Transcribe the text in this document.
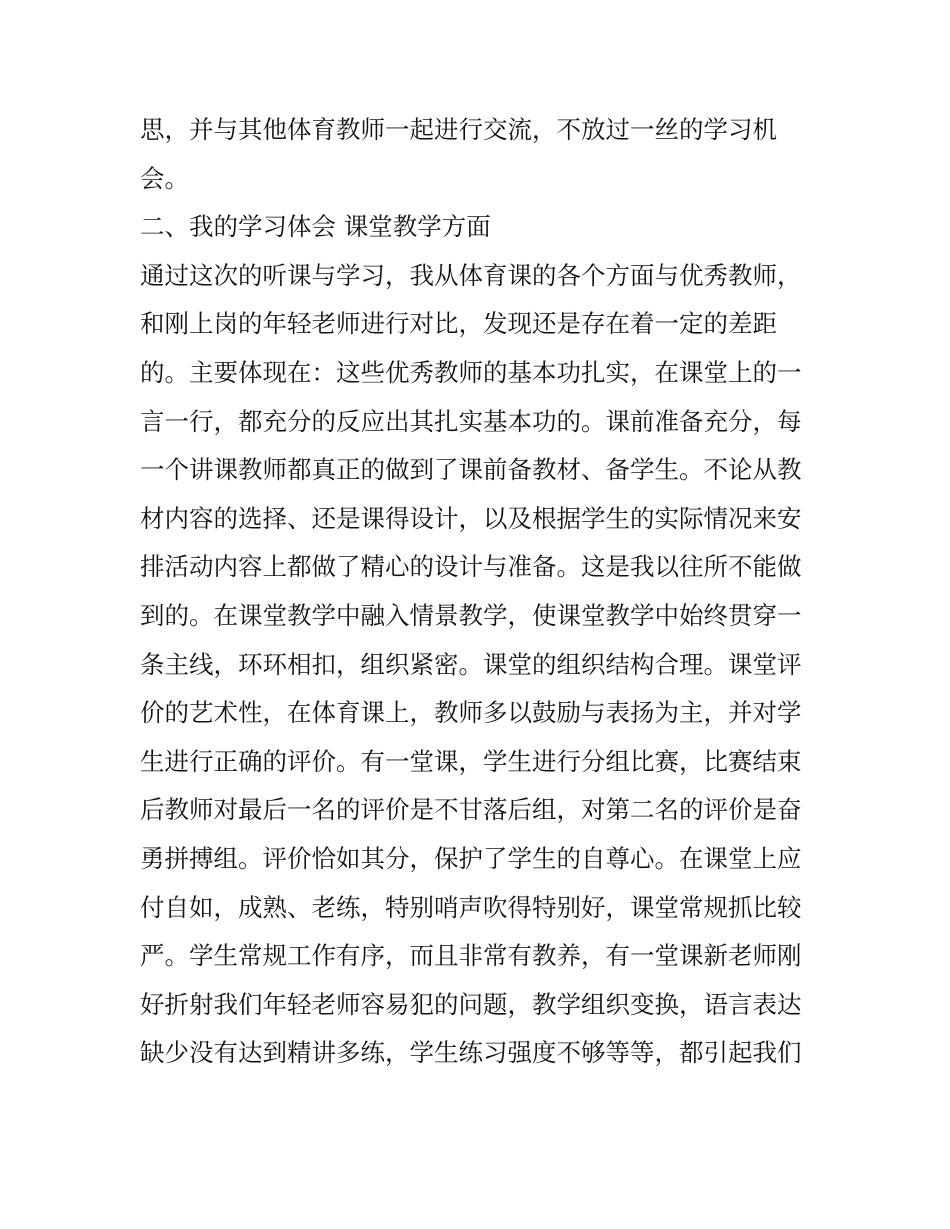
思，并与其他体育教师一起进行交流，不放过一丝的学习机
会。
二、我的学习体会 课堂教学方面
通过这次的听课与学习，我从体育课的各个方面与优秀教师，
和刚上岗的年轻老师进行对比，发现还是存在着一定的差距
的。主要体现在：这些优秀教师的基本功扎实，在课堂上的一
言一行，都充分的反应出其扎实基本功的。课前准备充分，每
一个讲课教师都真正的做到了课前备教材、备学生。不论从教
材内容的选择、还是课得设计，以及根据学生的实际情况来安
排活动内容上都做了精心的设计与准备。这是我以往所不能做
到的。在课堂教学中融入情景教学，使课堂教学中始终贯穿一
条主线，环环相扣，组织紧密。课堂的组织结构合理。课堂评
价的艺术性，在体育课上，教师多以鼓励与表扬为主，并对学
生进行正确的评价。有一堂课，学生进行分组比赛，比赛结束
后教师对最后一名的评价是不甘落后组，对第二名的评价是奋
勇拼搏组。评价恰如其分，保护了学生的自尊心。在课堂上应
付自如，成熟、老练，特别哨声吹得特别好，课堂常规抓比较
严。学生常规工作有序，而且非常有教养，有一堂课新老师刚
好折射我们年轻老师容易犯的问题，教学组织变换，语言表达
缺少没有达到精讲多练，学生练习强度不够等等，都引起我们
